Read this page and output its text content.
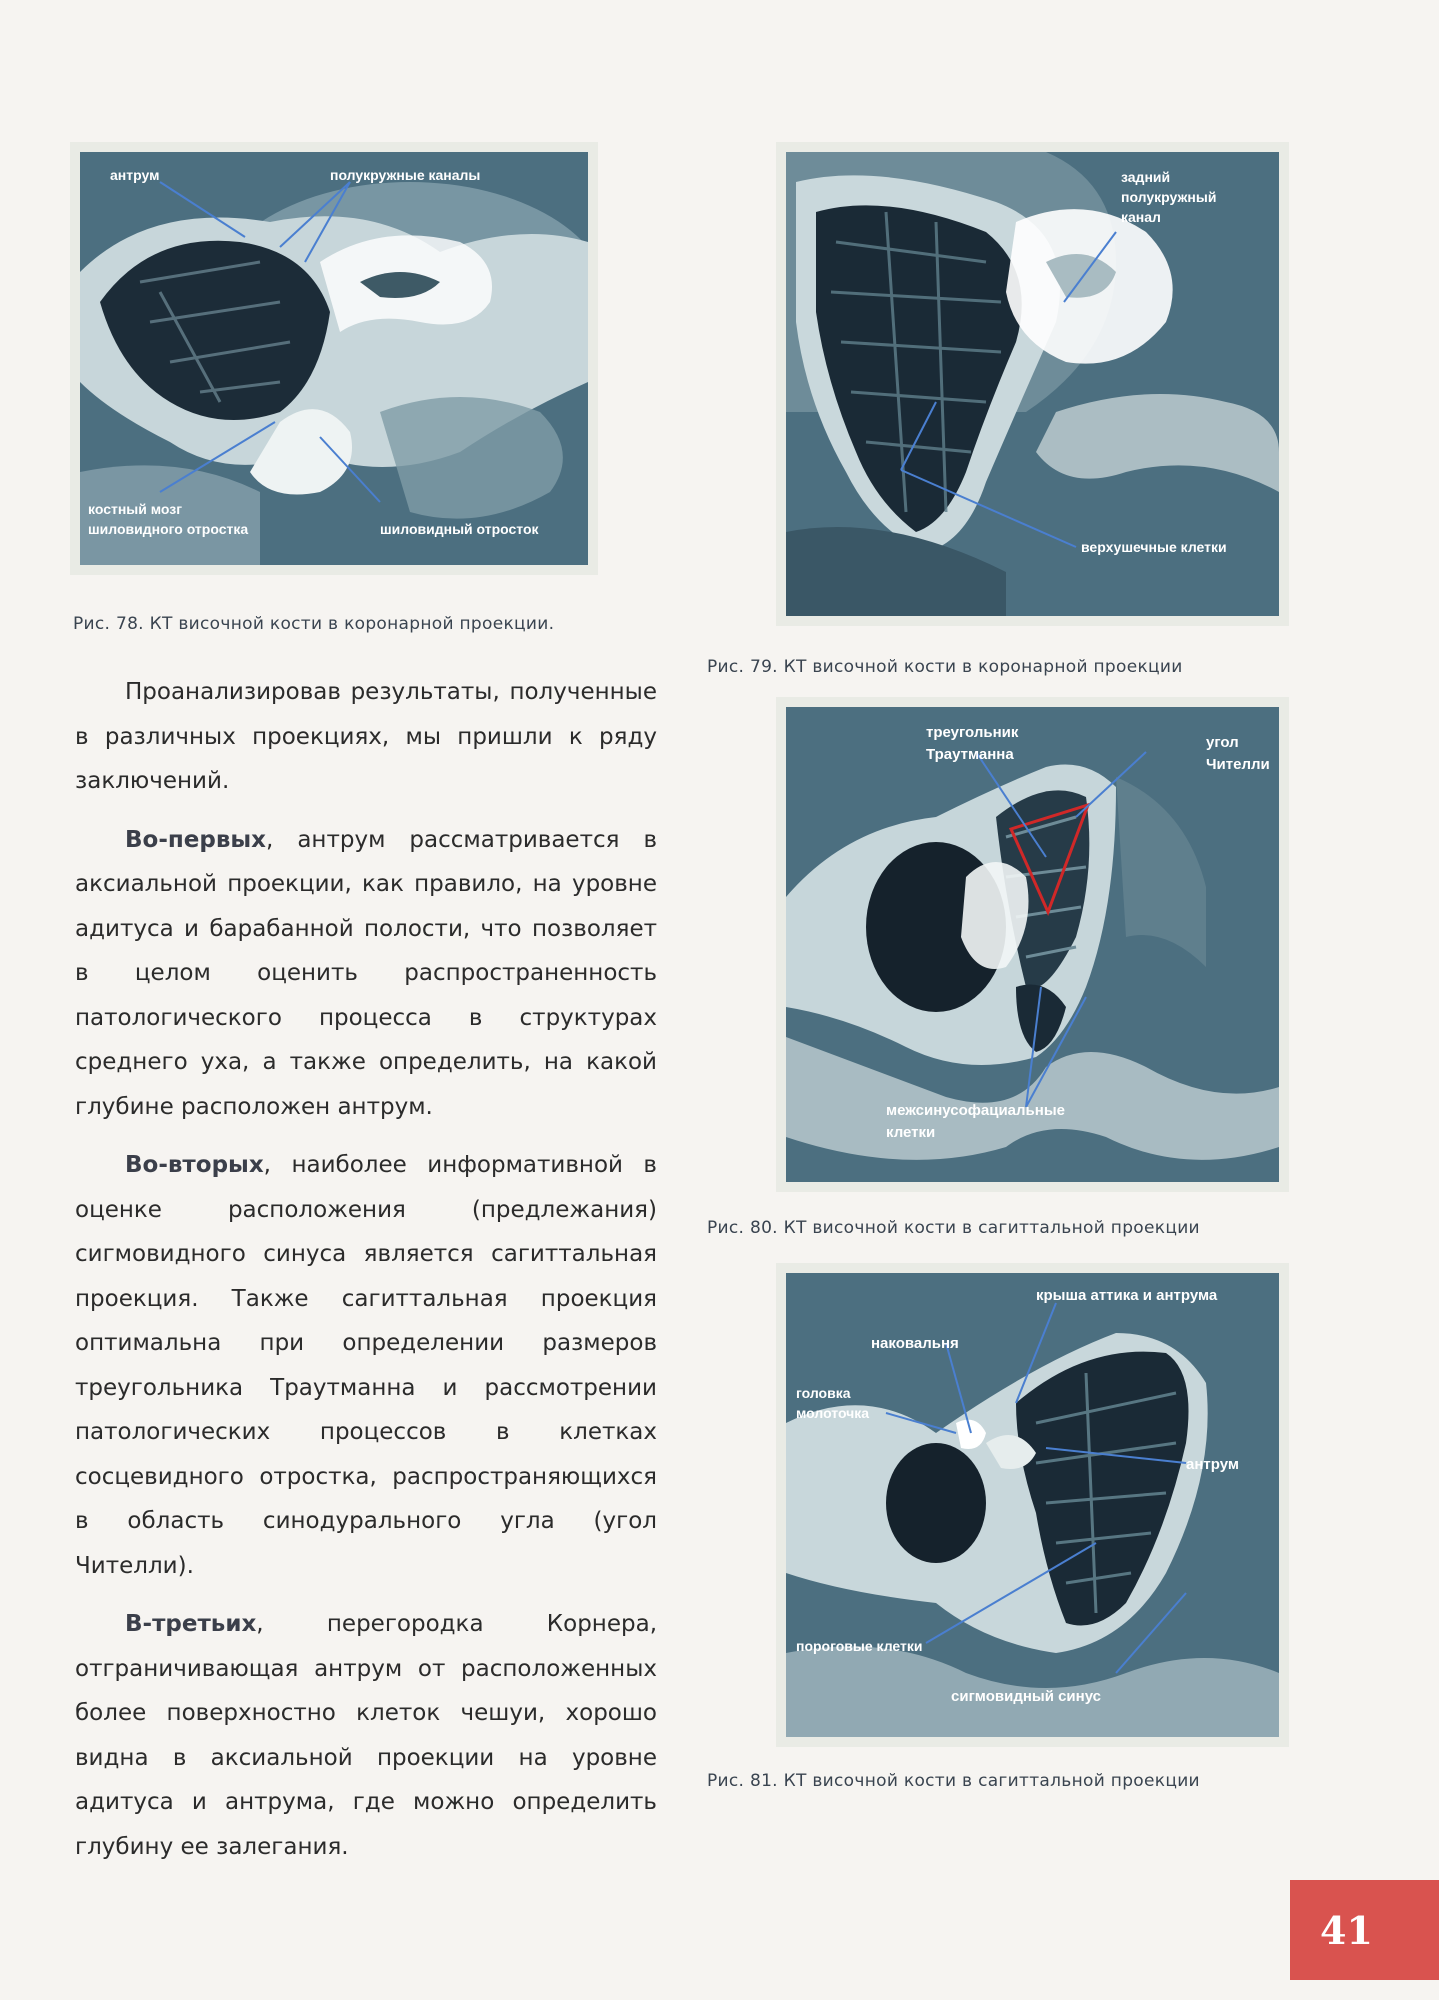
антрум	полукружные каналы
костный мозг
шиловидного отростка	шиловидный отросток
Рис. 78. КТ височной кости в коронарной проекции.
задний
полукружный
канал
верхушечные клетки
Рис. 79. КТ височной кости в коронарной проекции
треугольник
Траутманна
угол
Чителли
межсинусофациальные
клетки
Рис. 80. КТ височной кости в сагиттальной проекции
крыша аттика и антрума
наковальня
головка
молоточка
антрум
пороговые клетки
сигмовидный синус
Рис. 81. КТ височной кости в сагиттальной проекции

Проанализировав результаты, полученные в различных проекциях, мы пришли к ряду заключений.

Во-первых, антрум рассматривается в аксиальной проекции, как правило, на уровне адитуса и барабанной полости, что позволяет в целом оценить распространенность патологического процесса в структурах среднего уха, а также определить, на какой глубине расположен антрум.

Во-вторых, наиболее информативной в оценке расположения (предлежания) сигмовидного синуса является сагиттальная проекция. Также сагиттальная проекция оптимальна при определении размеров треугольника Траутманна и рассмотрении патологических процессов в клетках сосцевидного отростка, распространяющихся в область синодурального угла (угол Чителли).

В-третьих, перегородка Корнера, отграничивающая антрум от расположенных более поверхностно клеток чешуи, хорошо видна в аксиальной проекции на уровне адитуса и антрума, где можно определить глубину ее залегания.

41
